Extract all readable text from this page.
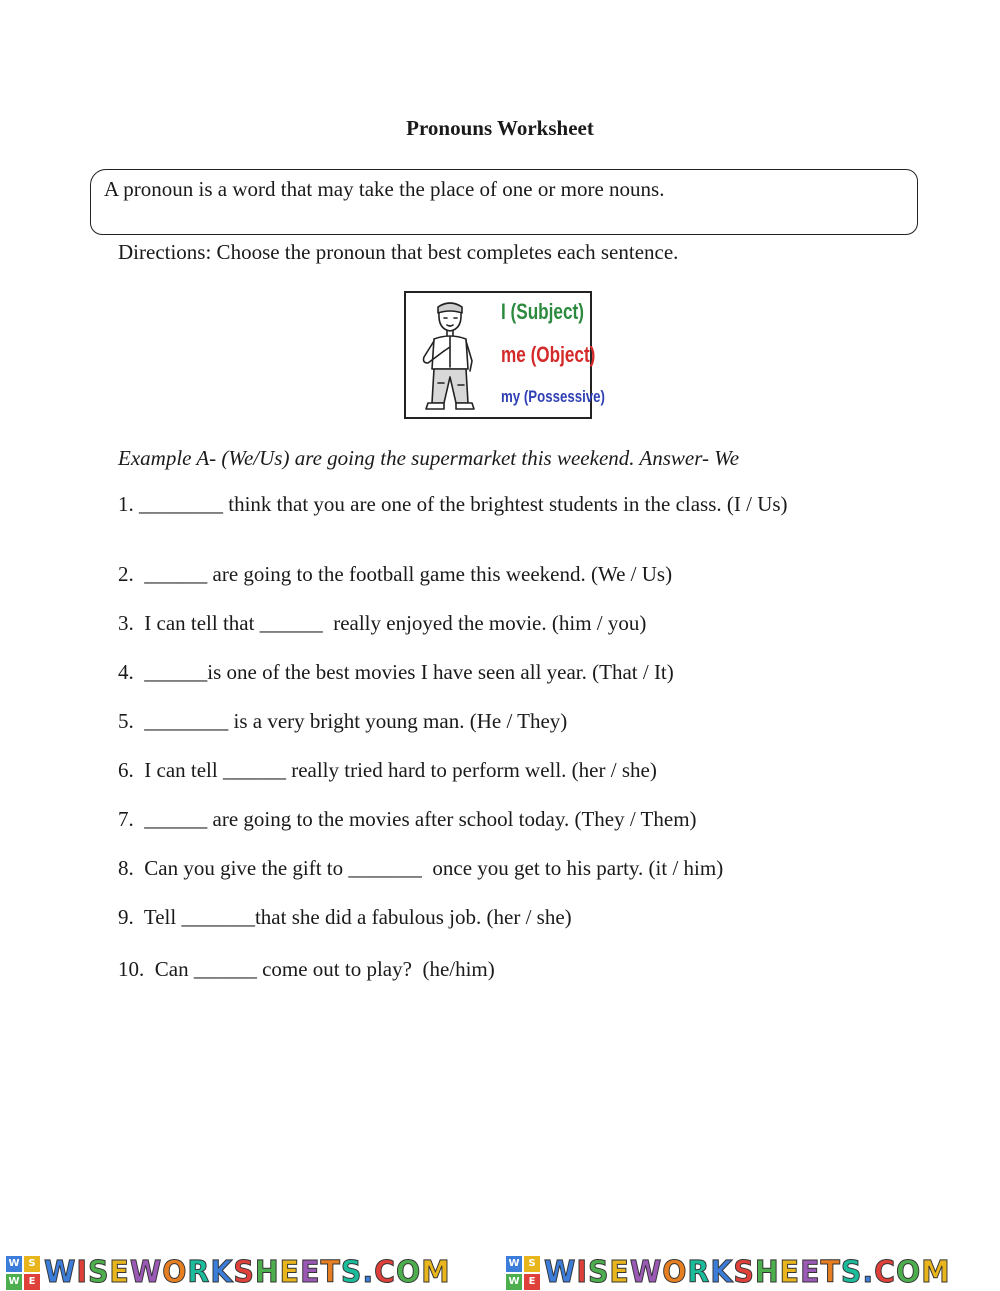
Pronouns Worksheet
A pronoun is a word that may take the place of one or more nouns.
Directions: Choose the pronoun that best completes each sentence.
I (Subject)
me (Object)
my (Possessive)
Example A- (We/Us) are going the supermarket this weekend. Answer- We
1. ________ think that you are one of the brightest students in the class. (I / Us)
2.  ______ are going to the football game this weekend. (We / Us)
3.  I can tell that ______  really enjoyed the movie. (him / you)
4.  ______is one of the best movies I have seen all year. (That / It)
5.  ________ is a very bright young man. (He / They)
6.  I can tell ______ really tried hard to perform well. (her / she)
7.  ______ are going to the movies after school today. (They / Them)
8.  Can you give the gift to _______  once you get to his party. (it / him)
9.  Tell _______that she did a fabulous job. (her / she)
10.  Can ______ come out to play?  (he/him)
W S
W E WISEWORKSHEETS.COM	W S
W E WISEWORKSHEETS.COM
